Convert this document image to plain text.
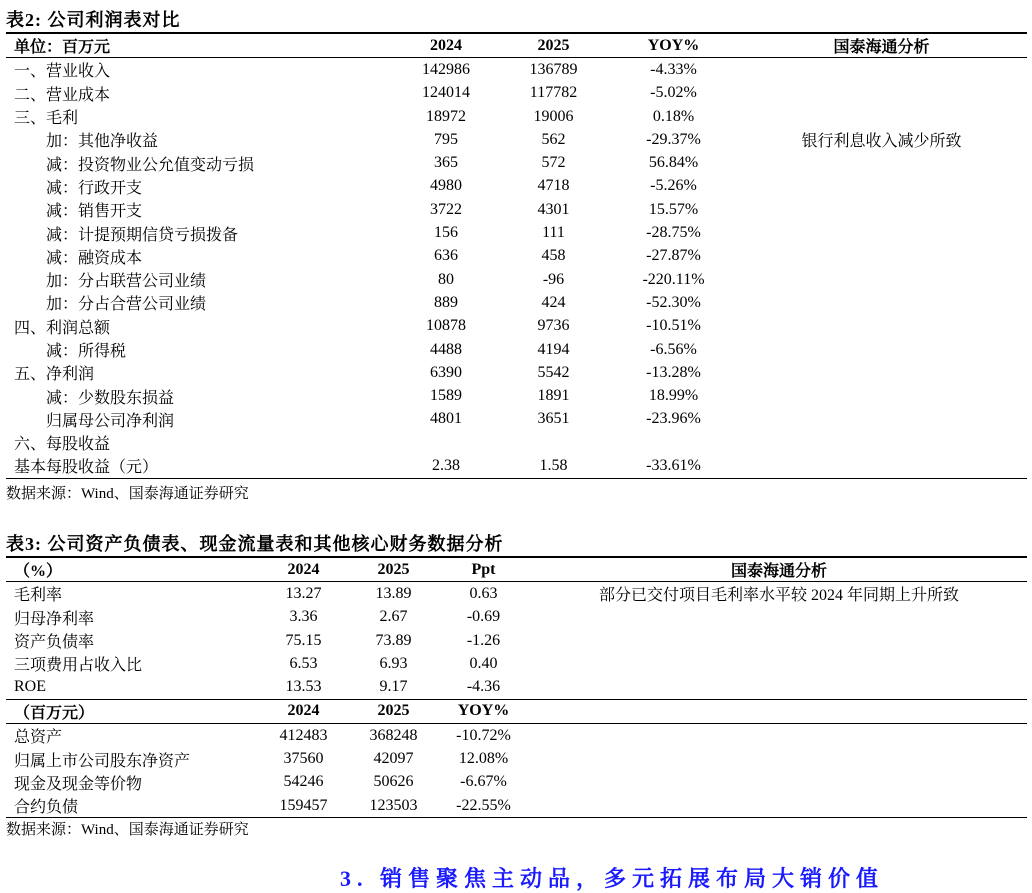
表2: 公司利润表对比
单位：百万元	2024	2025	YOY%	国泰海通分析
一、营业收入	142986	136789	-4.33%	
二、营业成本	124014	117782	-5.02%	
三、毛利	18972	19006	0.18%	
　　加：其他净收益	795	562	-29.37%	银行利息收入减少所致
　　减：投资物业公允值变动亏损	365	572	56.84%	
　　减：行政开支	4980	4718	-5.26%	
　　减：销售开支	3722	4301	15.57%	
　　减：计提预期信贷亏损拨备	156	111	-28.75%	
　　减：融资成本	636	458	-27.87%	
　　加：分占联营公司业绩	80	-96	-220.11%	
　　加：分占合营公司业绩	889	424	-52.30%	
四、利润总额	10878	9736	-10.51%	
　　减：所得税	4488	4194	-6.56%	
五、净利润	6390	5542	-13.28%	
　　减：少数股东损益	1589	1891	18.99%	
　　归属母公司净利润	4801	3651	-23.96%	
六、每股收益				
基本每股收益（元）	2.38	1.58	-33.61%	
数据来源：Wind、国泰海通证券研究
表3: 公司资产负债表、现金流量表和其他核心财务数据分析
（%）	2024	2025	Ppt	国泰海通分析
毛利率	13.27	13.89	0.63	部分已交付项目毛利率水平较 2024 年同期上升所致
归母净利率	3.36	2.67	-0.69	
资产负债率	75.15	73.89	-1.26	
三项费用占收入比	6.53	6.93	0.40	
ROE	13.53	9.17	-4.36	
（百万元）	2024	2025	YOY%	
总资产	412483	368248	-10.72%	
归属上市公司股东净资产	37560	42097	12.08%	
现金及现金等价物	54246	50626	-6.67%	
合约负债	159457	123503	-22.55%	
数据来源：Wind、国泰海通证券研究
3. 销售聚焦主动品，多元拓展布局大销价值
